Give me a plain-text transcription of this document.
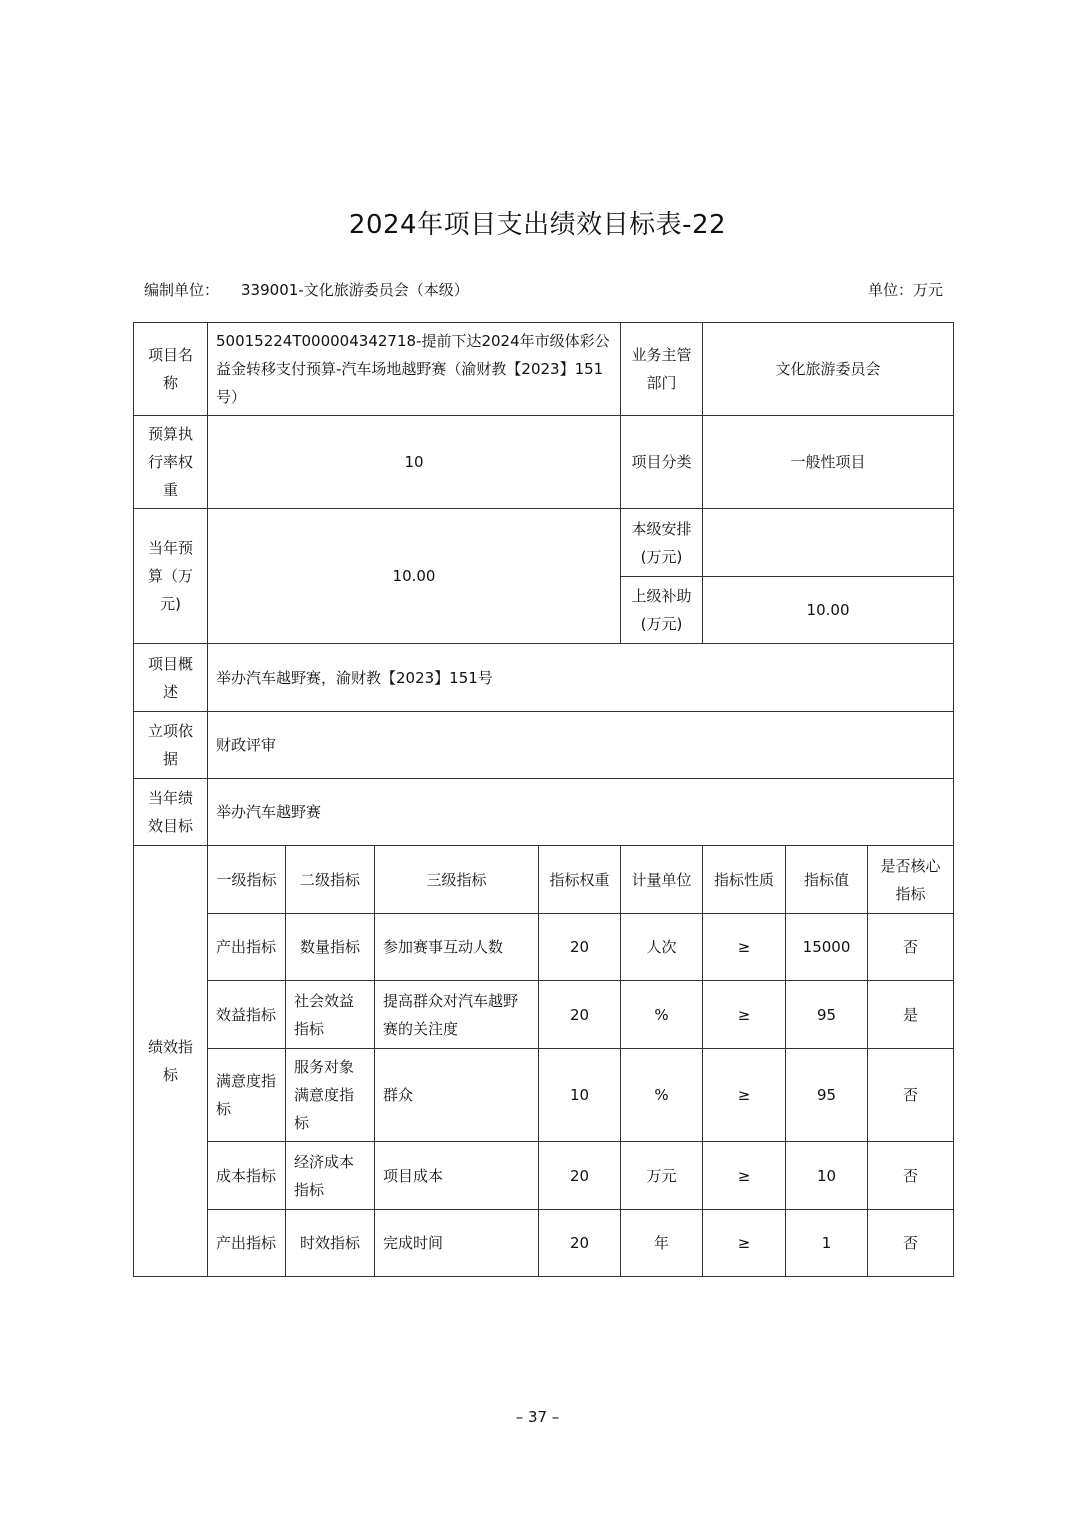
2024年项目支出绩效目标表-22
编制单位： 339001-文化旅游委员会（本级）	单位：万元
项目名称	50015224T000004342718-提前下达2024年市级体彩公益金转移支付预算-汽车场地越野赛（渝财教【2023】151号）				业务主管部门	文化旅游委员会		
预算执行率权重	10				项目分类	一般性项目		
当年预算（万元)	10.00				本级安排(万元)			
					上级补助(万元)	10.00		
项目概述	举办汽车越野赛，渝财教【2023】151号							
立项依据	财政评审							
当年绩效目标	举办汽车越野赛							
绩效指标	一级指标	二级指标	三级指标	指标权重	计量单位	指标性质	指标值	是否核心指标
	产出指标	数量指标	参加赛事互动人数	20	人次	≥	15000	否
	效益指标	社会效益指标	提高群众对汽车越野赛的关注度	20	%	≥	95	是
	满意度指标	服务对象满意度指标	群众	10	%	≥	95	否
	成本指标	经济成本指标	项目成本	20	万元	≥	10	否
	产出指标	时效指标	完成时间	20	年	≥	1	否
– 37 –
